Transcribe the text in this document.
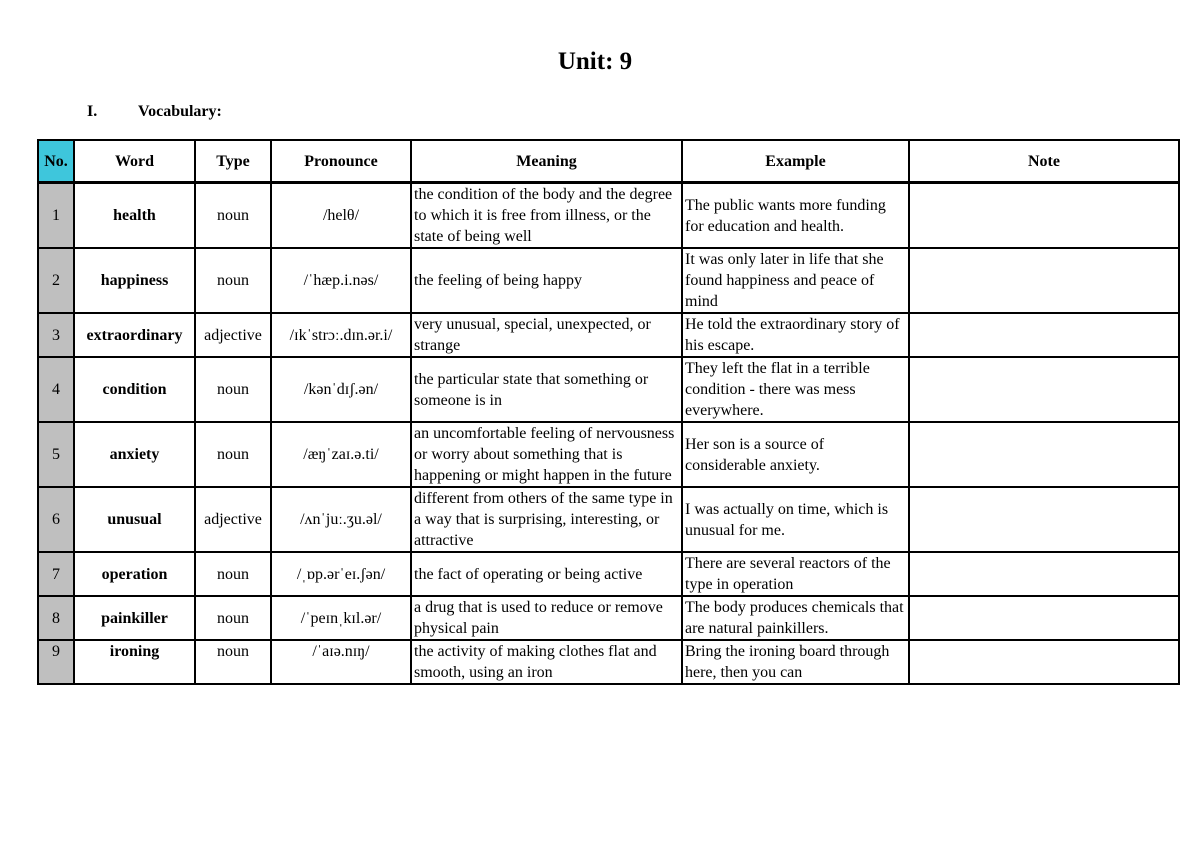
Unit: 9
I.	Vocabulary:
No.	Word	Type	Pronounce	Meaning	Example	Note
1	health	noun	/helθ/	the condition of the body and the degree to which it is free from illness, or the state of being well	The public wants more funding for education and health.	
2	happiness	noun	/ˈhæp.i.nəs/	the feeling of being happy	It was only later in life that she found happiness and peace of mind	
3	extraordinary	adjective	/ɪkˈstrɔː.dɪn.ər.i/	very unusual, special, unexpected, or strange	He told the extraordinary story of his escape.	
4	condition	noun	/kənˈdɪʃ.ən/	the particular state that something or someone is in	They left the flat in a terrible condition - there was mess everywhere.	
5	anxiety	noun	/æŋˈzaɪ.ə.ti/	an uncomfortable feeling of nervousness or worry about something that is happening or might happen in the future	Her son is a source of considerable anxiety.	
6	unusual	adjective	/ʌnˈjuː.ʒu.əl/	different from others of the same type in a way that is surprising, interesting, or attractive	I was actually on time, which is unusual for me.	
7	operation	noun	/ˌɒp.ərˈeɪ.ʃən/	the fact of operating or being active	There are several reactors of the type in operation	
8	painkiller	noun	/ˈpeɪnˌkɪl.ər/	a drug that is used to reduce or remove physical pain	The body produces chemicals that are natural painkillers.	
9	ironing	noun	/ˈaɪə.nɪŋ/	the activity of making clothes flat and smooth, using an iron	Bring the ironing board through here, then you can	
